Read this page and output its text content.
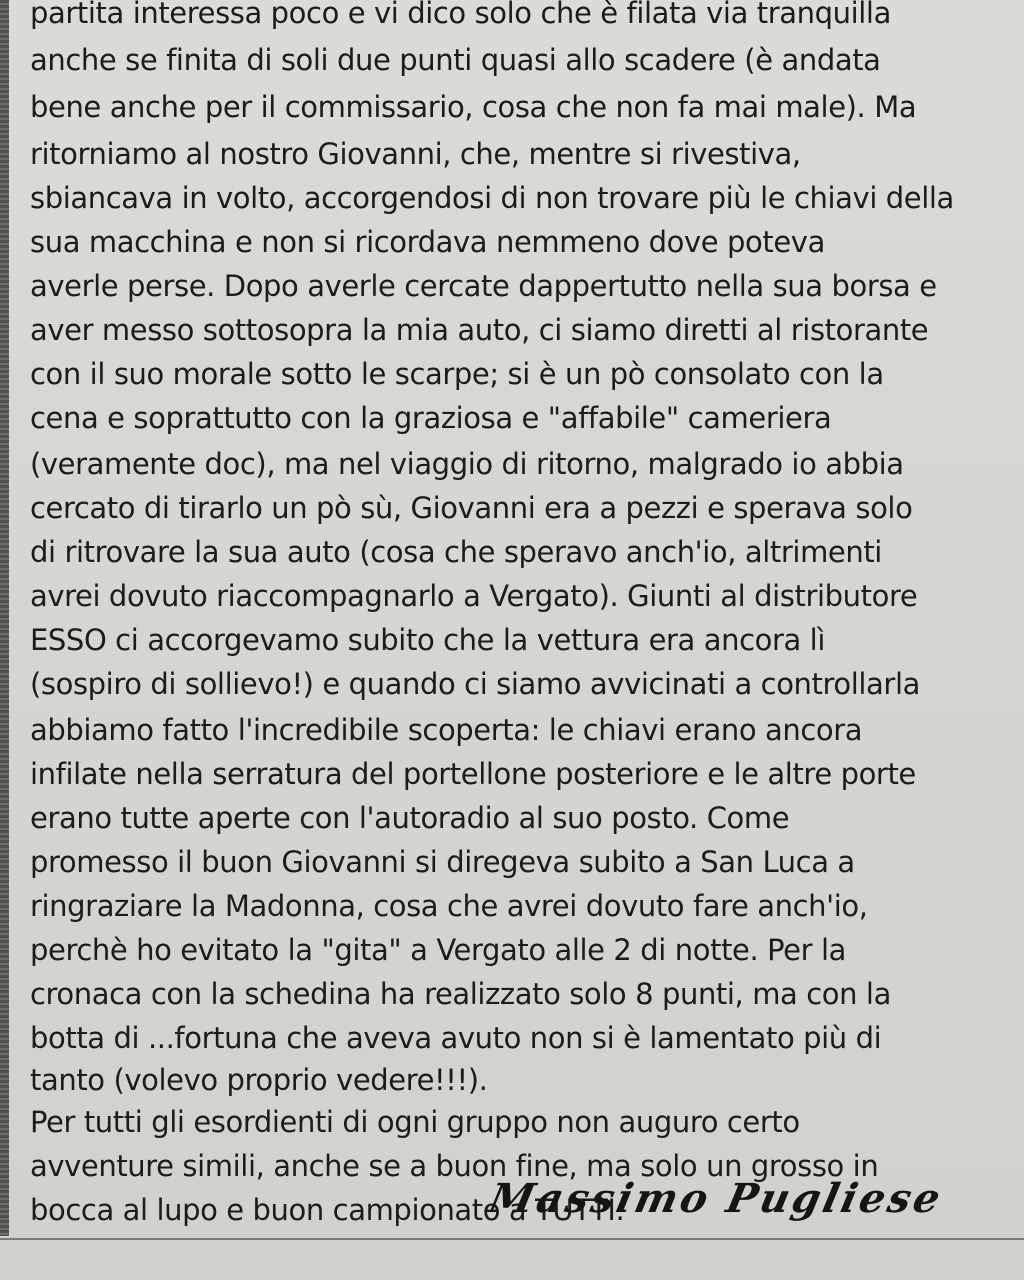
partita interessa poco e vi dico solo che è filata via tranquilla
anche se finita di soli due punti quasi allo scadere (è andata
bene anche per il commissario, cosa che non fa mai male). Ma
ritorniamo al nostro Giovanni, che, mentre si rivestiva,
sbiancava in volto, accorgendosi di non trovare più le chiavi della
sua macchina e non si ricordava nemmeno dove poteva
averle perse. Dopo averle cercate dappertutto nella sua borsa e
aver messo sottosopra la mia auto, ci siamo diretti al ristorante
con il suo morale sotto le scarpe; si è un pò consolato con la
cena e soprattutto con la graziosa e "affabile" cameriera
(veramente doc), ma nel viaggio di ritorno, malgrado io abbia
cercato di tirarlo un pò sù, Giovanni era a pezzi e sperava solo
di ritrovare la sua auto (cosa che speravo anch'io, altrimenti
avrei dovuto riaccompagnarlo a Vergato). Giunti al distributore
ESSO ci accorgevamo subito che la vettura era ancora lì
(sospiro di sollievo!) e quando ci siamo avvicinati a controllarla
abbiamo fatto l'incredibile scoperta: le chiavi erano ancora
infilate nella serratura del portellone posteriore e le altre porte
erano tutte aperte con l'autoradio al suo posto. Come
promesso il buon Giovanni si diregeva subito a San Luca a
ringraziare la Madonna, cosa che avrei dovuto fare anch'io,
perchè ho evitato la "gita" a Vergato alle 2 di notte. Per la
cronaca con la schedina ha realizzato solo 8 punti, ma con la
botta di ...fortuna che aveva avuto non si è lamentato più di
tanto (volevo proprio vedere!!!).
Per tutti gli esordienti di ogni gruppo non auguro certo
avventure simili, anche se a buon fine, ma solo un grosso in
bocca al lupo e buon campionato a TUTTI.
Massimo Pugliese
